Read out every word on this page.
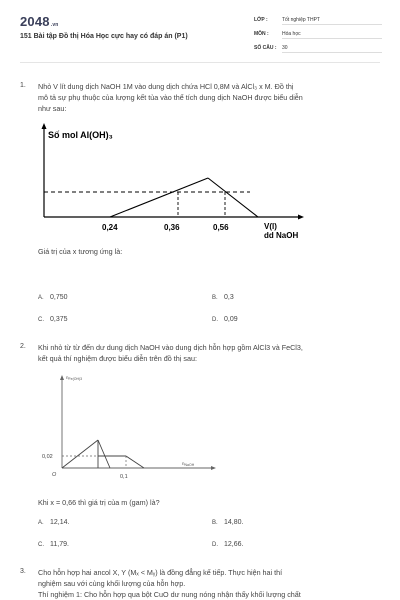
2048.vn
151 Bài tập Đồ thị Hóa Học cực hay có đáp án (P1)
LỚP :	Tốt nghiệp THPT
MÔN :	Hóa học
SỐ CÂU : 30
1. Nhỏ V lít dung dịch NaOH 1M vào dung dịch chứa HCl 0,8M và AlCl₃ x M. Đồ thị
mô tả sự phụ thuộc của lượng kết tủa vào thể tích dung dịch NaOH được biểu diễn
như sau:
Số mol Al(OH)₃
0,24	0,36	0,56	V(l) dd NaOH
Giá trị của x tương ứng là:
A. 0,750	B. 0,3
C. 0,375	D. 0,09
2. Khi nhỏ từ từ đến dư dung dịch NaOH vào dung dịch hỗn hợp gồm AlCl3 và FeCl3,
kết quả thí nghiệm được biểu diễn trên đồ thị sau:
$n_{Fe(OH)3}$
0,02
O	0,1
$n_{NaOH}$
Khi x = 0,66 thì giá trị của m (gam) là?
A. 12,14.	B. 14,80.
C. 11,79.	D. 12,66.
3. Cho hỗn hợp hai ancol X, Y (Mₓ < Mᵧ) là đồng đẳng kế tiếp. Thực hiện hai thí
nghiệm sau với cùng khối lượng của hỗn hợp.
Thí nghiệm 1: Cho hỗn hợp qua bột CuO dư nung nóng nhận thấy khối lượng chất
